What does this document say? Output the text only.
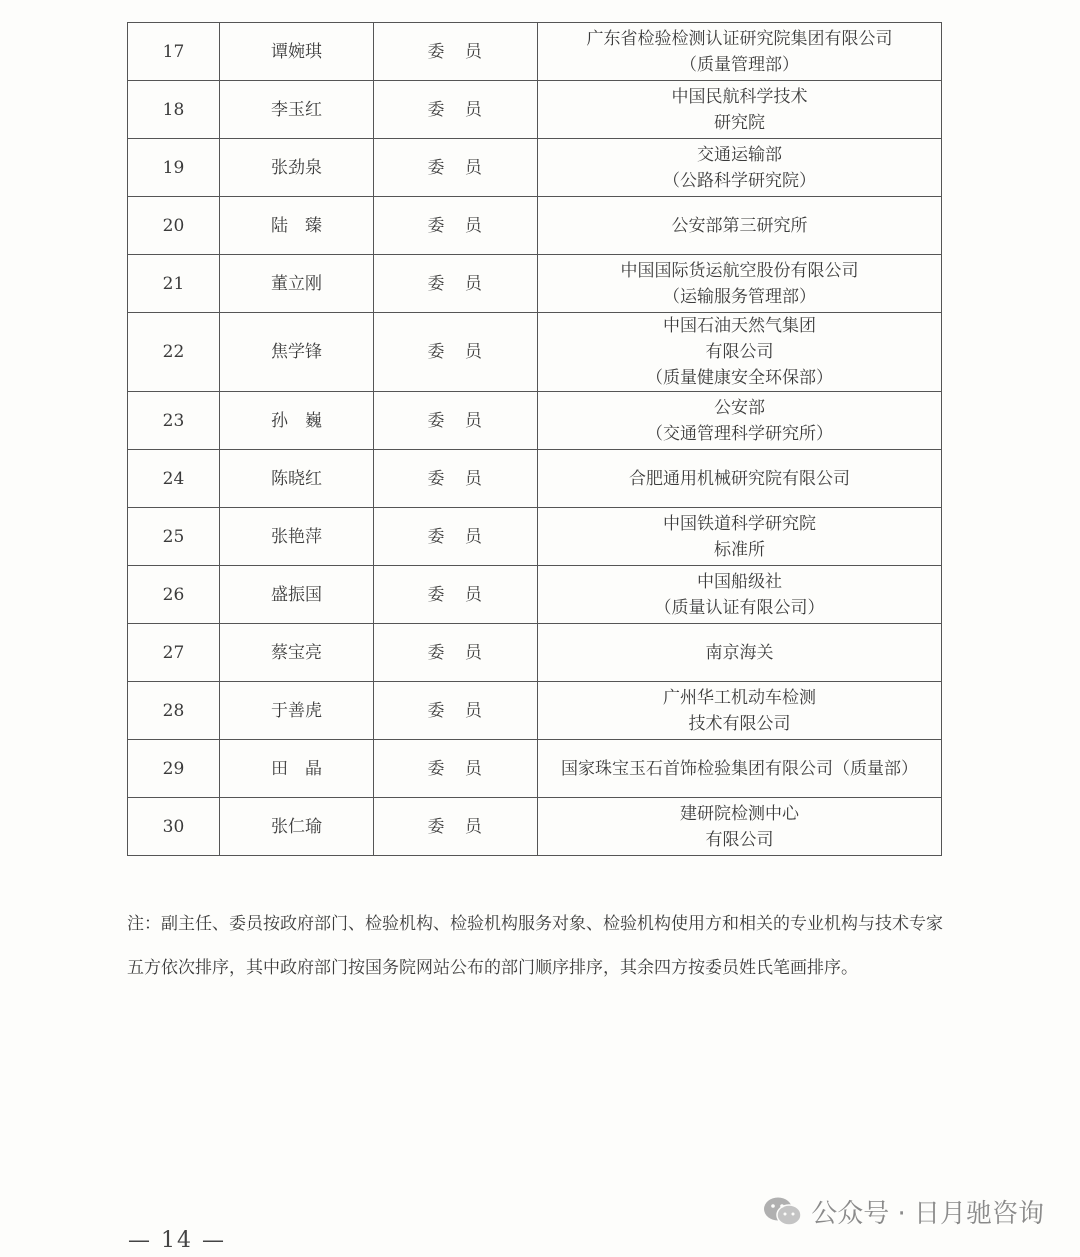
17	谭婉琪	委　员	广东省检验检测认证研究院集团有限公司
（质量管理部）

18	李玉红	委　员	中国民航科学技术
研究院

19	张劲泉	委　员	交通运输部
（公路科学研究院）

20	陆　臻	委　员	公安部第三研究所

21	董立刚	委　员	中国国际货运航空股份有限公司
（运输服务管理部）

22	焦学锋	委　员	中国石油天然气集团
有限公司
（质量健康安全环保部）

23	孙　巍	委　员	公安部
（交通管理科学研究所）

24	陈晓红	委　员	合肥通用机械研究院有限公司

25	张艳萍	委　员	中国铁道科学研究院
标准所

26	盛振国	委　员	中国船级社
（质量认证有限公司）

27	蔡宝亮	委　员	南京海关

28	于善虎	委　员	广州华工机动车检测
技术有限公司

29	田　晶	委　员	国家珠宝玉石首饰检验集团有限公司（质量部）

30	张仁瑜	委　员	建研院检测中心
有限公司

注：副主任、委员按政府部门、检验机构、检验机构服务对象、检验机构使用方和相关的专业机构与技术专家五方依次排序，其中政府部门按国务院网站公布的部门顺序排序，其余四方按委员姓氏笔画排序。

公众号 · 日月驰咨询
— 14 —
